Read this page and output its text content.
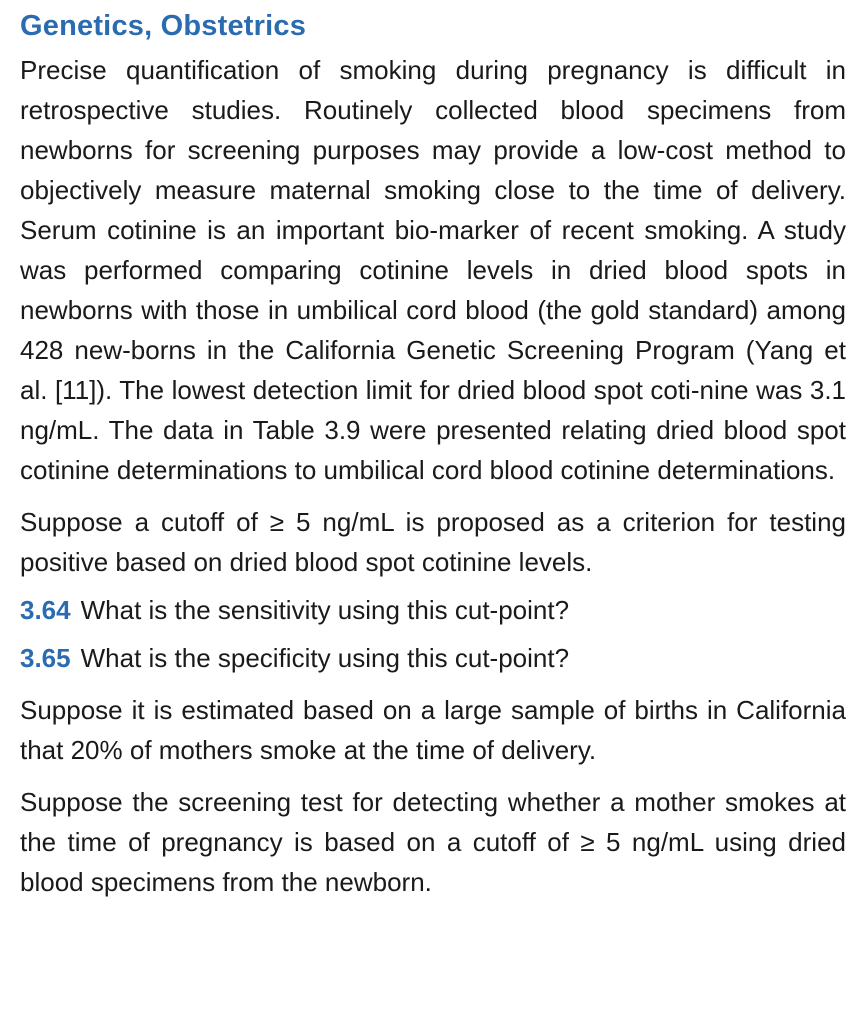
Genetics, Obstetrics

Precise quantification of smoking during pregnancy is difficult in retrospective studies. Routinely collected blood specimens from newborns for screening purposes may provide a low-cost method to objectively measure maternal smoking close to the time of delivery. Serum cotinine is an important bio-marker of recent smoking. A study was performed comparing cotinine levels in dried blood spots in newborns with those in umbilical cord blood (the gold standard) among 428 new-borns in the California Genetic Screening Program (Yang et al. [11]). The lowest detection limit for dried blood spot coti-nine was 3.1 ng/mL. The data in Table 3.9 were presented relating dried blood spot cotinine determinations to umbilical cord blood cotinine determinations.

Suppose a cutoff of ≥ 5 ng/mL is proposed as a criterion for testing positive based on dried blood spot cotinine levels.

3.64 What is the sensitivity using this cut-point?
3.65 What is the specificity using this cut-point?

Suppose it is estimated based on a large sample of births in California that 20% of mothers smoke at the time of delivery.

Suppose the screening test for detecting whether a mother smokes at the time of pregnancy is based on a cutoff of ≥ 5 ng/mL using dried blood specimens from the newborn.
